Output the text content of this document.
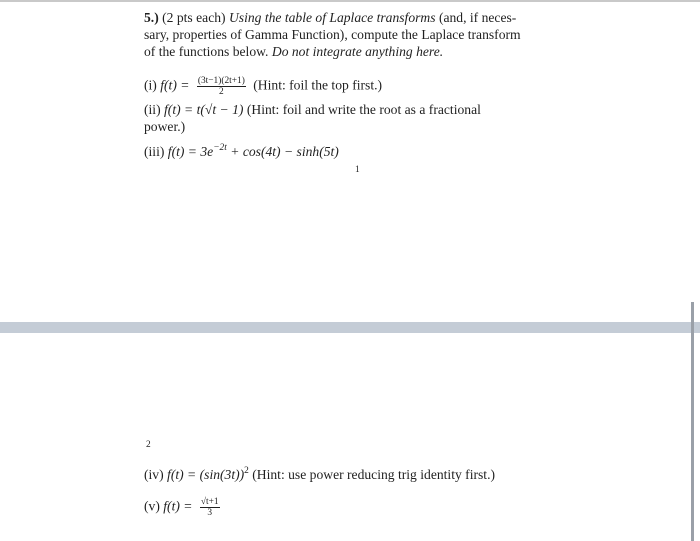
5.) (2 pts each) Using the table of Laplace transforms (and, if neces-
sary, properties of Gamma Function), compute the Laplace transform
of the functions below. Do not integrate anything here.
(i) $f(t) = \frac{(3t-1)(2t+1)}{2}$ (Hint: foil the top first.)
(ii) f(t) = t(√t − 1) (Hint: foil and write the root as a fractional
power.)
(iii) $f(t) = 3e^{-2t} + \cos(4t) - \sinh(5t)$
1
2
(iv) $f(t) = (\sin(3t))^2$ (Hint: use power reducing trig identity first.)
(v) $f(t) = \frac{√t+1}{3}$
